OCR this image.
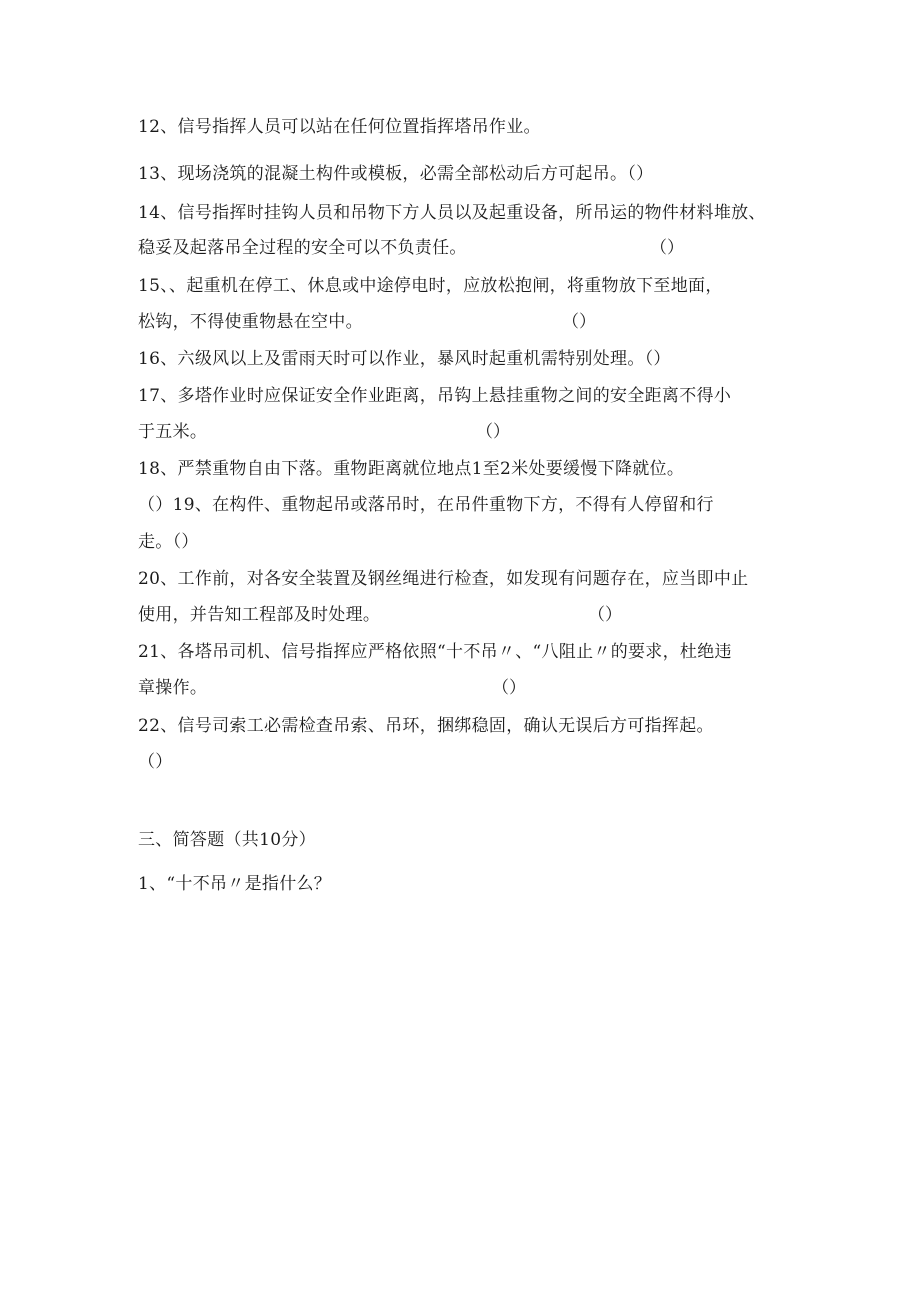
12、信号指挥人员可以站在任何位置指挥塔吊作业。
13、现场浇筑的混凝土构件或模板，必需全部松动后方可起吊。（）
14、信号指挥时挂钩人员和吊物下方人员以及起重设备，所吊运的物件材料堆放、
稳妥及起落吊全过程的安全可以不负责任。	（）
15、、起重机在停工、休息或中途停电时，应放松抱闸，将重物放下至地面，
松钩，不得使重物悬在空中。	（）
16、六级风以上及雷雨天时可以作业，暴风时起重机需特别处理。（）
17、多塔作业时应保证安全作业距离，吊钩上悬挂重物之间的安全距离不得小
于五米。	（）
18、严禁重物自由下落。重物距离就位地点1至2米处要缓慢下降就位。
（）19、在构件、重物起吊或落吊时，在吊件重物下方，不得有人停留和行
走。（）
20、工作前，对各安全装置及钢丝绳进行检查，如发现有问题存在，应当即中止
使用，并告知工程部及时处理。	（）
21、各塔吊司机、信号指挥应严格依照“十不吊〃、“八阻止〃的要求，杜绝违
章操作。	（）
22、信号司索工必需检查吊索、吊环，捆绑稳固，确认无误后方可指挥起。
（）
三、简答题（共10分）
1、“十不吊〃是指什么？
